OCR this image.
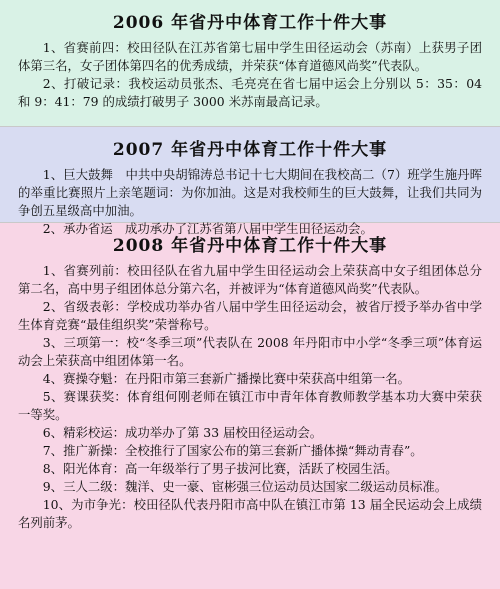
2006 年省丹中体育工作十件大事

1、省赛前四：校田径队在江苏省第七届中学生田径运动会（苏南）上获男子团体第三名，女子团体第四名的优秀成绩，并荣获“体育道德风尚奖”代表队。

2、打破记录：我校运动员张杰、毛亮亮在省七届中运会上分别以 5：35：04 和 9：41：79 的成绩打破男子 3000 米苏南最高记录。

2007 年省丹中体育工作十件大事

1、巨大鼓舞　中共中央胡锦涛总书记十七大期间在我校高二（7）班学生施丹晖的举重比赛照片上亲笔题词：为你加油。这是对我校师生的巨大鼓舞，让我们共同为争创五星级高中加油。

2、承办省运　成功承办了江苏省第八届中学生田径运动会。

2008 年省丹中体育工作十件大事

1、省赛列前：校田径队在省九届中学生田径运动会上荣获高中女子组团体总分第二名，高中男子组团体总分第六名，并被评为“体育道德风尚奖”代表队。

2、省级表彰：学校成功举办省八届中学生田径运动会，被省厅授予举办省中学生体育竞赛“最佳组织奖”荣誉称号。

3、三项第一：校“冬季三项”代表队在 2008 年丹阳市中小学“冬季三项”体育运动会上荣获高中组团体第一名。

4、赛操夺魁：在丹阳市第三套新广播操比赛中荣获高中组第一名。

5、赛课获奖：体育组何刚老师在镇江市中青年体育教师教学基本功大赛中荣获一等奖。

6、精彩校运：成功举办了第 33 届校田径运动会。

7、推广新操：全校推行了国家公布的第三套新广播体操“舞动青春”。

8、阳光体育：高一年级举行了男子拔河比赛，活跃了校园生活。

9、三人二级：魏洋、史一豪、宦彬强三位运动员达国家二级运动员标准。

10、为市争光：校田径队代表丹阳市高中队在镇江市第 13 届全民运动会上成绩名列前茅。
